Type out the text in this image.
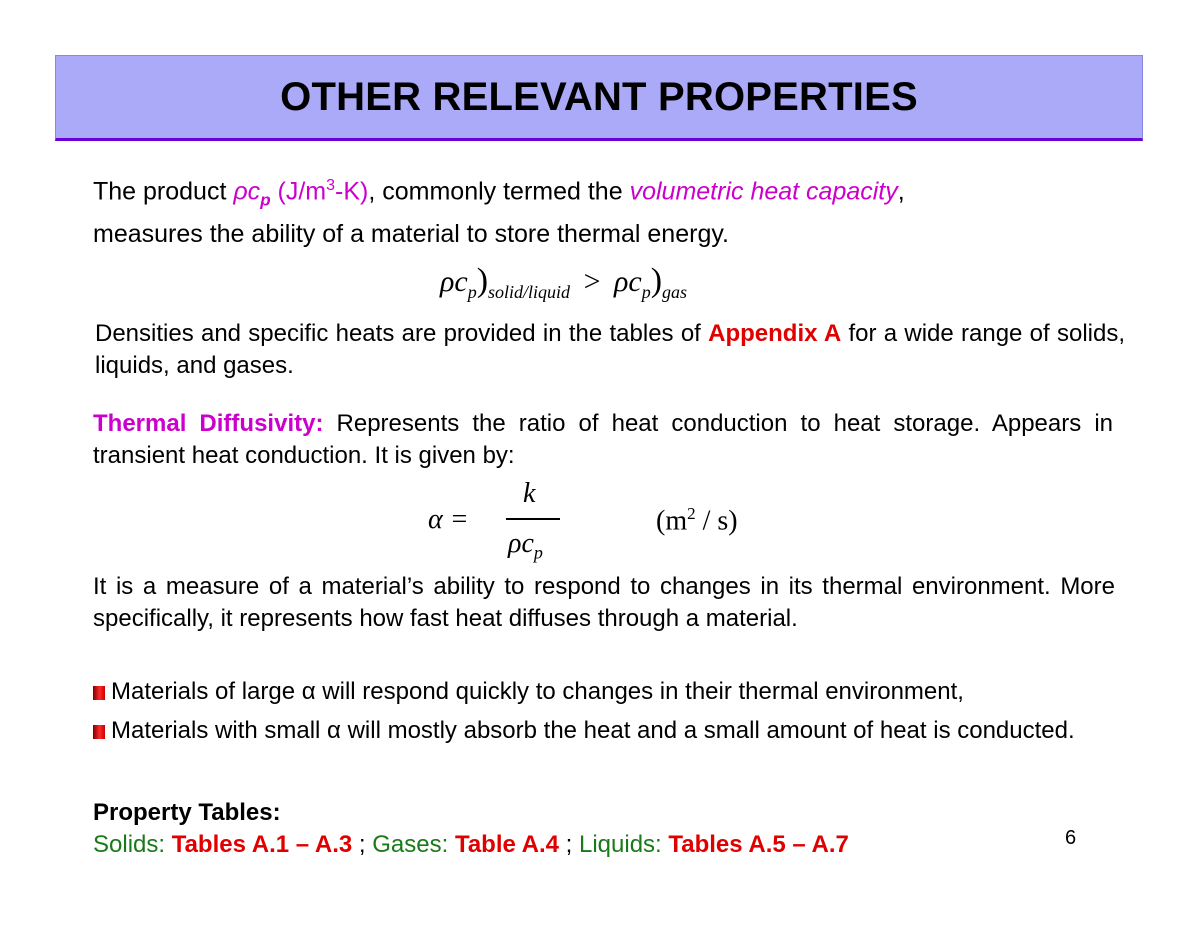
OTHER RELEVANT PROPERTIES
The product $\rho c_p$ $(J/m^3-K)$, commonly termed the volumetric heat capacity,
measures the ability of a material to store thermal energy.
$\rho c_p)_{solid/liquid} > \rho c_p)_{gas}$
Densities and specific heats are provided in the tables of Appendix A for a wide range of solids, liquids, and gases.
Thermal Diffusivity: Represents the ratio of heat conduction to heat storage. Appears in transient heat conduction. It is given by:
α =
k
$\rho c_p$
$(m^2 / s)$
It is a measure of a material’s ability to respond to changes in its thermal environment. More specifically, it represents how fast heat diffuses through a material.
Materials of large α will respond quickly to changes in their thermal environment,
Materials with small α will mostly absorb the heat and a small amount of heat is conducted.
Property Tables:
Solids: Tables A.1 – A.3 ; Gases: Table A.4 ; Liquids: Tables A.5 – A.7	6
